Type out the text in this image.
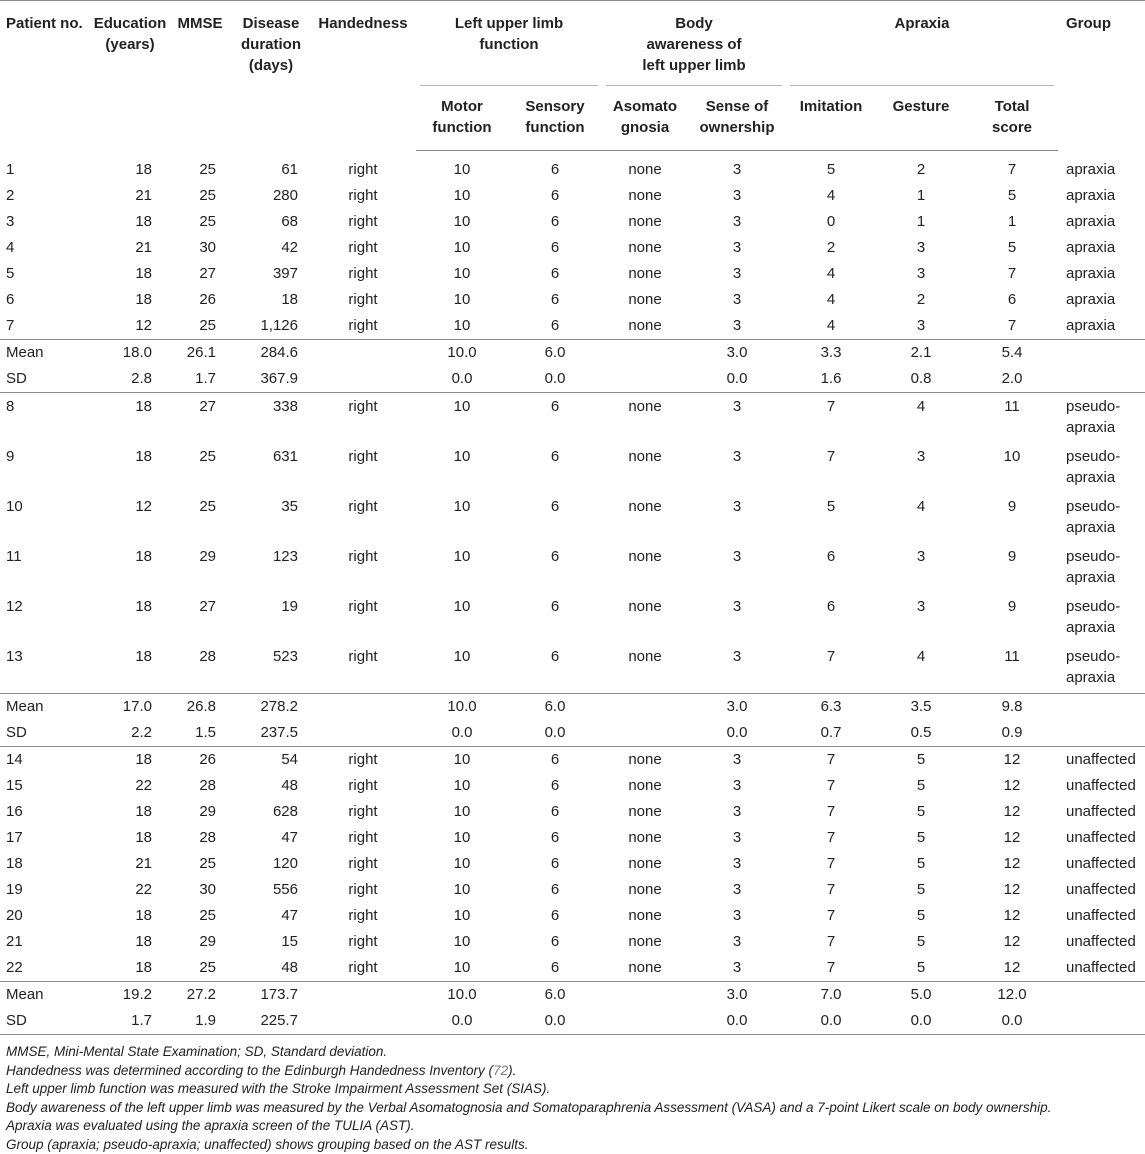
Patient no.	Education (years)	MMSE	Disease duration (days)	Handedness	Left upper limb function		Body awareness of left upper limb		Apraxia			Group
					Motor function	Sensory function	Asomato gnosia	Sense of ownership	Imitation	Gesture	Total score	
1	18	25	61	right	10	6	none	3	5	2	7	apraxia
2	21	25	280	right	10	6	none	3	4	1	5	apraxia
3	18	25	68	right	10	6	none	3	0	1	1	apraxia
4	21	30	42	right	10	6	none	3	2	3	5	apraxia
5	18	27	397	right	10	6	none	3	4	3	7	apraxia
6	18	26	18	right	10	6	none	3	4	2	6	apraxia
7	12	25	1,126	right	10	6	none	3	4	3	7	apraxia
Mean	18.0	26.1	284.6		10.0	6.0		3.0	3.3	2.1	5.4	
SD	2.8	1.7	367.9		0.0	0.0		0.0	1.6	0.8	2.0	
8	18	27	338	right	10	6	none	3	7	4	11	pseudo-
apraxia
9	18	25	631	right	10	6	none	3	7	3	10	pseudo-
apraxia
10	12	25	35	right	10	6	none	3	5	4	9	pseudo-
apraxia
11	18	29	123	right	10	6	none	3	6	3	9	pseudo-
apraxia
12	18	27	19	right	10	6	none	3	6	3	9	pseudo-
apraxia
13	18	28	523	right	10	6	none	3	7	4	11	pseudo-
apraxia
Mean	17.0	26.8	278.2		10.0	6.0		3.0	6.3	3.5	9.8	
SD	2.2	1.5	237.5		0.0	0.0		0.0	0.7	0.5	0.9	
14	18	26	54	right	10	6	none	3	7	5	12	unaffected
15	22	28	48	right	10	6	none	3	7	5	12	unaffected
16	18	29	628	right	10	6	none	3	7	5	12	unaffected
17	18	28	47	right	10	6	none	3	7	5	12	unaffected
18	21	25	120	right	10	6	none	3	7	5	12	unaffected
19	22	30	556	right	10	6	none	3	7	5	12	unaffected
20	18	25	47	right	10	6	none	3	7	5	12	unaffected
21	18	29	15	right	10	6	none	3	7	5	12	unaffected
22	18	25	48	right	10	6	none	3	7	5	12	unaffected
Mean	19.2	27.2	173.7		10.0	6.0		3.0	7.0	5.0	12.0	
SD	1.7	1.9	225.7		0.0	0.0		0.0	0.0	0.0	0.0	
MMSE, Mini-Mental State Examination; SD, Standard deviation.
Handedness was determined according to the Edinburgh Handedness Inventory (72).
Left upper limb function was measured with the Stroke Impairment Assessment Set (SIAS).
Body awareness of the left upper limb was measured by the Verbal Asomatognosia and Somatoparaphrenia Assessment (VASA) and a 7-point Likert scale on body ownership.
Apraxia was evaluated using the apraxia screen of the TULIA (AST).
Group (apraxia; pseudo-apraxia; unaffected) shows grouping based on the AST results.
